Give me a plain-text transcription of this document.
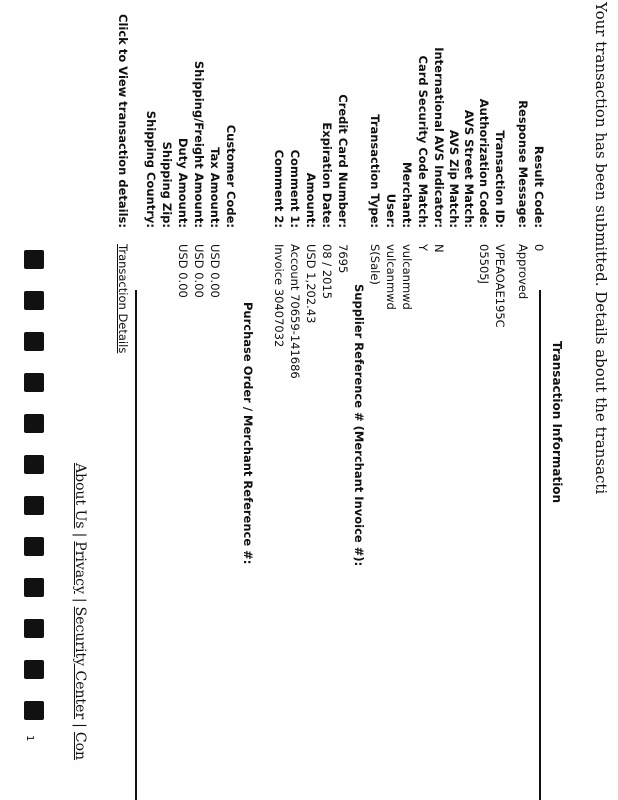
Your transaction has been submitted. Details about the transacti
Transaction Information
Result Code:
0
Response Message:
Approved
Transaction ID:
VPEAOAE195C
Authorization Code:
05505J
AVS Street Match:
AVS Zip Match:
International AVS Indicator:
N
Card Security Code Match:
Y
Merchant:
vulcanmwd
User:
vulcanmwd
Transaction Type:
S(Sale)
Supplier Reference # (Merchant Invoice #):
Credit Card Number:
7695
Expiration Date:
08 / 2015
Amount:
USD 1,202.43
Comment 1:
Account 70659-141686
Comment 2:
Invoice 30407032
Purchase Order / Merchant Reference #:
Customer Code:
Tax Amount:
USD 0.00
Shipping/Freight Amount:
USD 0.00
Duty Amount:
USD 0.00
Shipping Zip:
Shipping Country:
Click to View transaction details:
Transaction Details
About Us|Privacy|Security Center|Con
1
